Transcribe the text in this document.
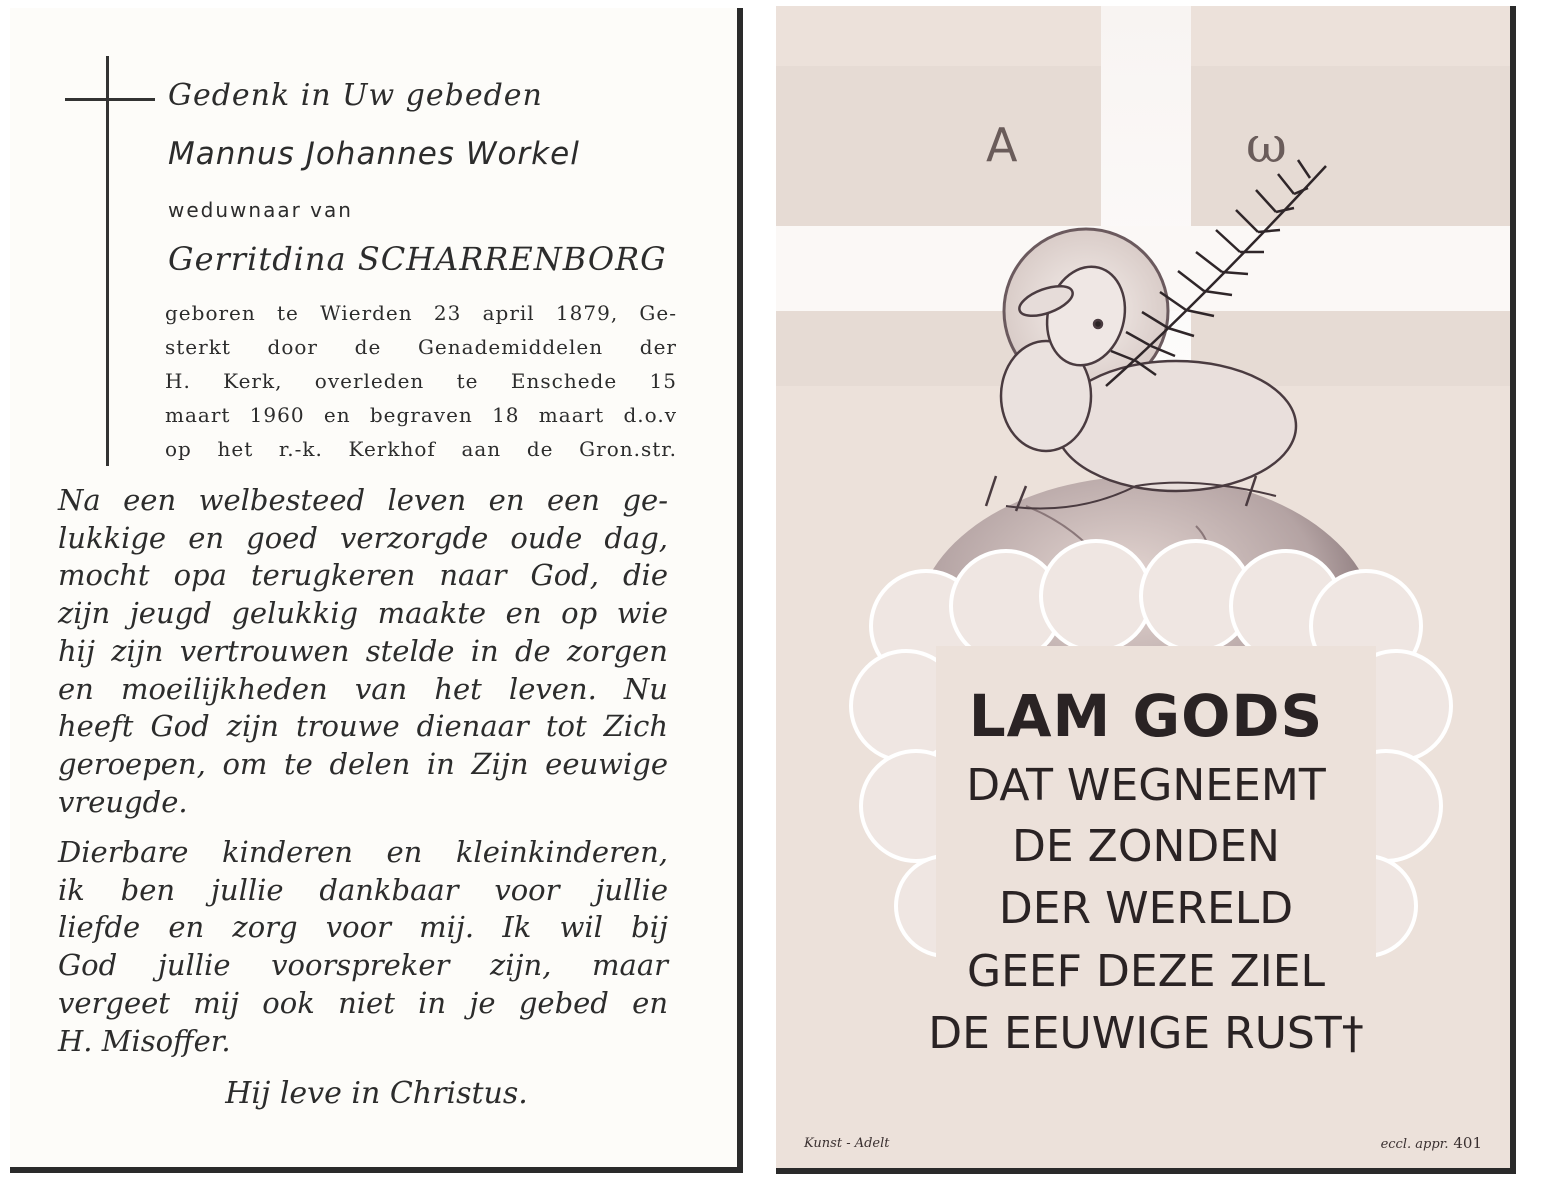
Gedenk in Uw gebeden
Mannus Johannes Workel
weduwnaar van
Gerritdina SCHARRENBORG
geboren te Wierden 23 april 1879, Ge-
sterkt door de Genademiddelen der
H. Kerk, overleden te Enschede 15
maart 1960 en begraven 18 maart d.o.v
op het r.-k. Kerkhof aan de Gron.str.
Na een welbesteed leven en een ge-
lukkige en goed verzorgde oude dag,
mocht opa terugkeren naar God, die
zijn jeugd gelukkig maakte en op wie
hij zijn vertrouwen stelde in de zorgen
en moeilijkheden van het leven. Nu
heeft God zijn trouwe dienaar tot Zich
geroepen, om te delen in Zijn eeuwige
vreugde.
Dierbare kinderen en kleinkinderen,
ik ben jullie dankbaar voor jullie
liefde en zorg voor mij. Ik wil bij
God jullie voorspreker zijn, maar
vergeet mij ook niet in je gebed en
H. Misoffer.
Hij leve in Christus.
A	ω
LAM GODS
DAT WEGNEEMT
DE ZONDEN
DER WERELD
GEEF DEZE ZIEL
DE EEUWIGE RUST†
Kunst - Adelt	eccl. appr. 401
